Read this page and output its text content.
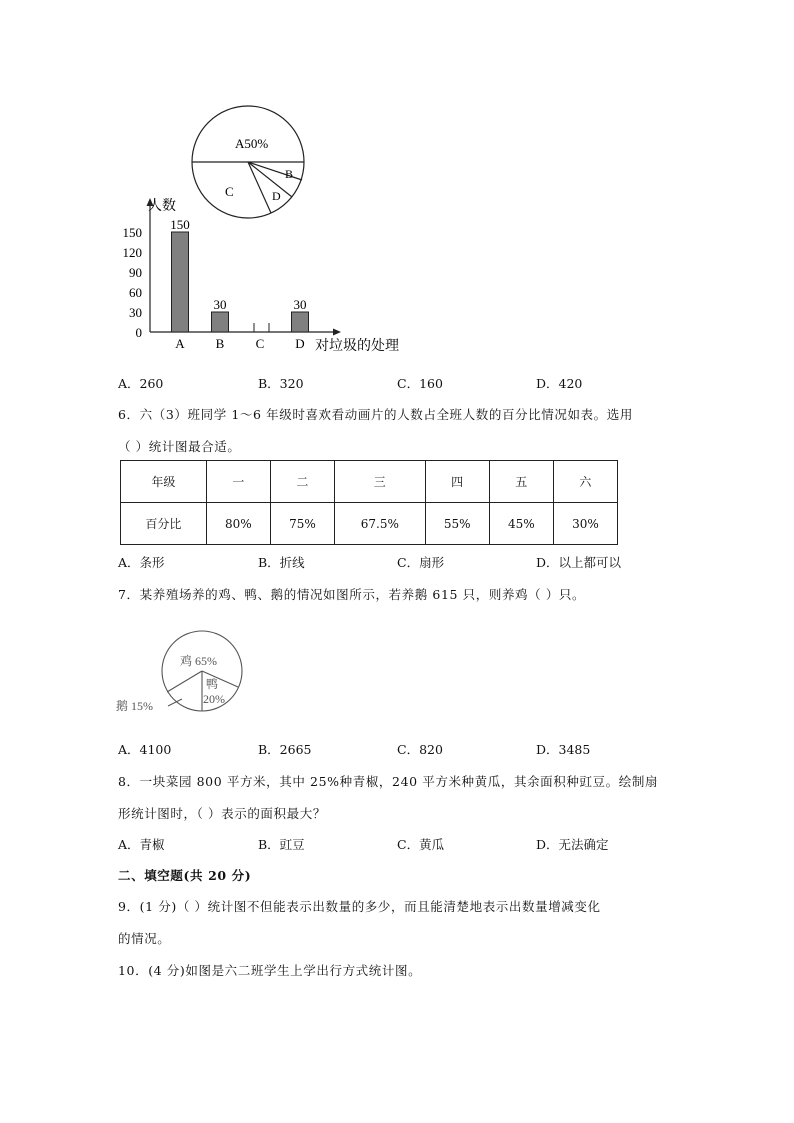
A50%
B
D
C
0
30
60
90
120
150
150
A
30
B C
30
D
人数
对垃圾的处理
A．260	B．320	C．160	D．420
6．六（3）班同学 1～6 年级时喜欢看动画片的人数占全班人数的百分比情况如表。选用
（ ）统计图最合适。
年级	一	二	三	四	五	六
百分比	80%	75%	67.5%	55%	45%	30%
A．条形	B．折线	C．扇形	D．以上都可以
7．某养殖场养的鸡、鸭、鹅的情况如图所示，若养鹅 615 只，则养鸡（ ）只。
鸡 65%
鸭
20%
鹅 15%
A．4100	B．2665	C．820	D．3485
8．一块菜园 800 平方米，其中 25%种青椒，240 平方米种黄瓜，其余面积种豇豆。绘制扇
形统计图时，（ ）表示的面积最大？
A．青椒	B．豇豆	C．黄瓜	D．无法确定
二、填空题(共 20 分)
9．(1 分)（ ）统计图不但能表示出数量的多少，而且能清楚地表示出数量增减变化
的情况。
10．(4 分)如图是六二班学生上学出行方式统计图。
